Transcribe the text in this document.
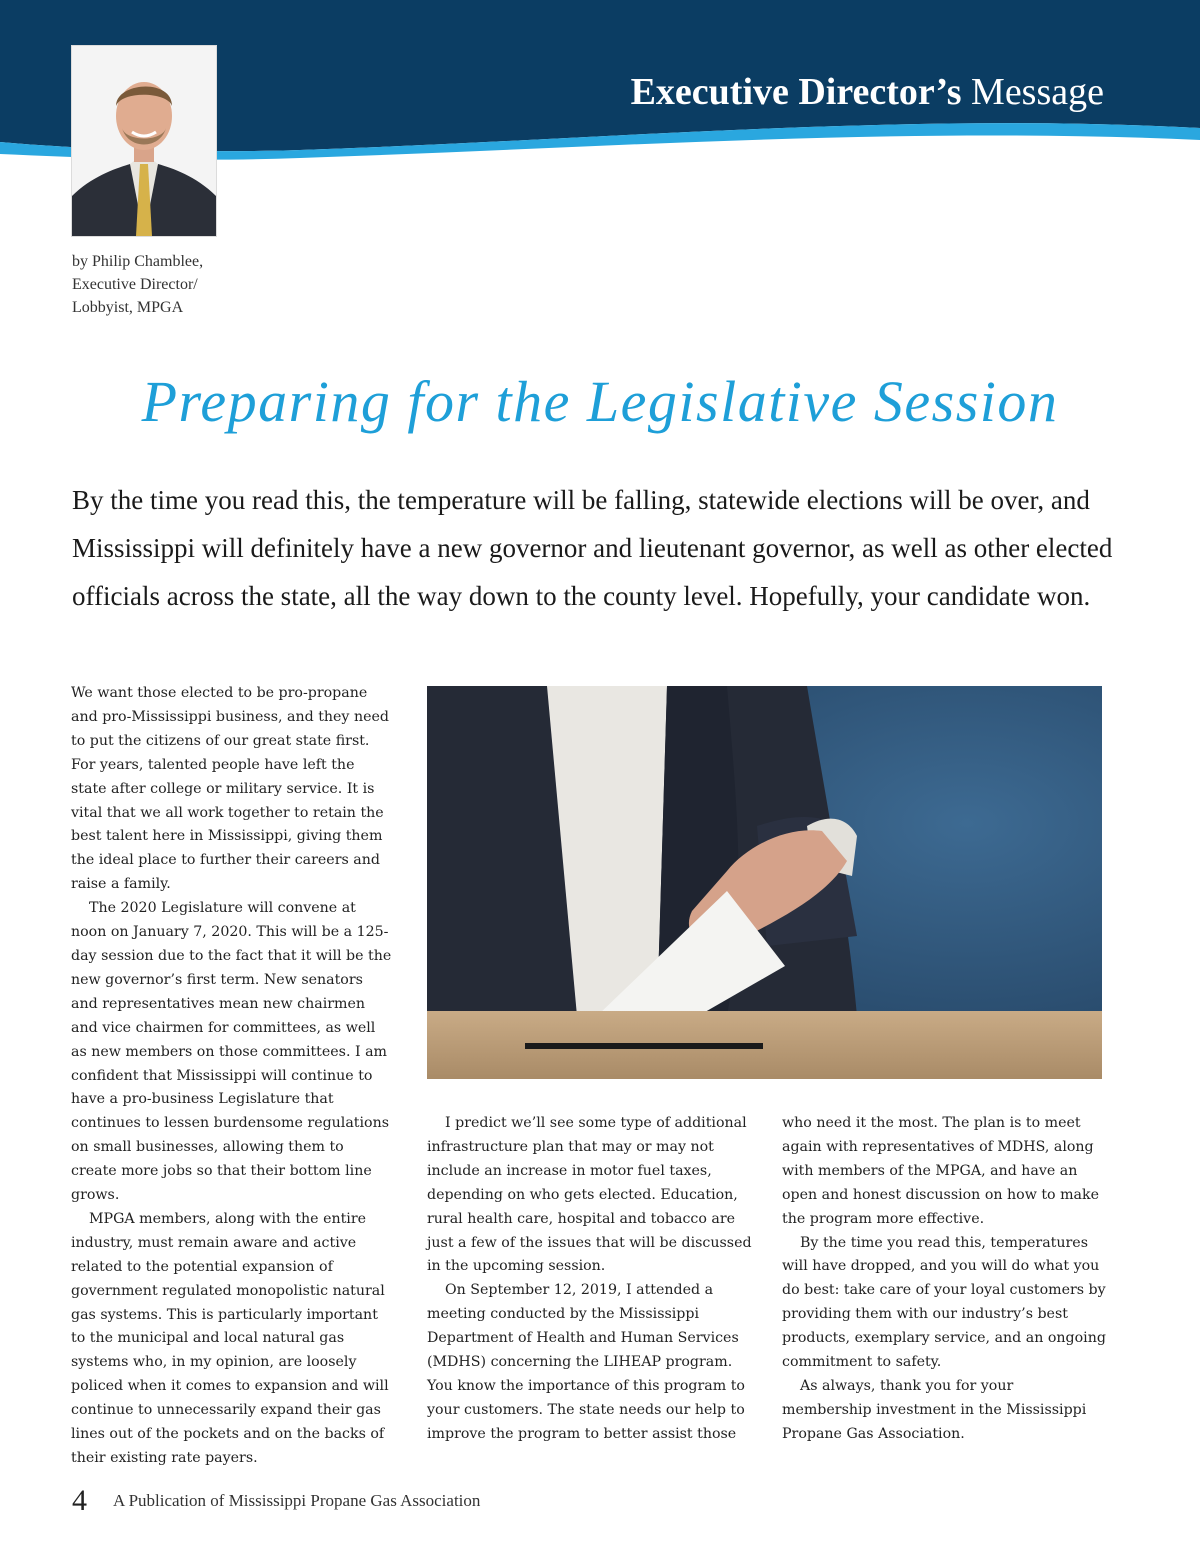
Executive Director’s Message
by Philip Chamblee,
Executive Director/
Lobbyist, MPGA
Preparing for the Legislative Session

By the time you read this, the temperature will be falling, statewide elections will be over, and Mississippi will definitely have a new governor and lieutenant governor, as well as other elected officials across the state, all the way down to the county level. Hopefully, your candidate won.

We want those elected to be pro-propane and pro-Mississippi business, and they need to put the citizens of our great state first. For years, talented people have left the state after college or military service. It is vital that we all work together to retain the best talent here in Mississippi, giving them the ideal place to further their careers and raise a family.

The 2020 Legislature will convene at noon on January 7, 2020. This will be a 125-day session due to the fact that it will be the new governor’s first term. New senators and representatives mean new chairmen and vice chairmen for committees, as well as new members on those committees. I am confident that Mississippi will continue to have a pro-business Legislature that continues to lessen burdensome regulations on small businesses, allowing them to create more jobs so that their bottom line grows.

MPGA members, along with the entire industry, must remain aware and active related to the potential expansion of government regulated monopolistic natural gas systems. This is particularly important to the municipal and local natural gas systems who, in my opinion, are loosely policed when it comes to expansion and will continue to unnecessarily expand their gas lines out of the pockets and on the backs of their existing rate payers.

I predict we’ll see some type of additional infrastructure plan that may or may not include an increase in motor fuel taxes, depending on who gets elected. Education, rural health care, hospital and tobacco are just a few of the issues that will be discussed in the upcoming session.

On September 12, 2019, I attended a meeting conducted by the Mississippi Department of Health and Human Services (MDHS) concerning the LIHEAP program. You know the importance of this program to your customers. The state needs our help to improve the program to better assist those

who need it the most. The plan is to meet again with representatives of MDHS, along with members of the MPGA, and have an open and honest discussion on how to make the program more effective.

By the time you read this, temperatures will have dropped, and you will do what you do best: take care of your loyal customers by providing them with our industry’s best products, exemplary service, and an ongoing commitment to safety.

As always, thank you for your membership investment in the Mississippi Propane Gas Association.

4 A Publication of Mississippi Propane Gas Association
